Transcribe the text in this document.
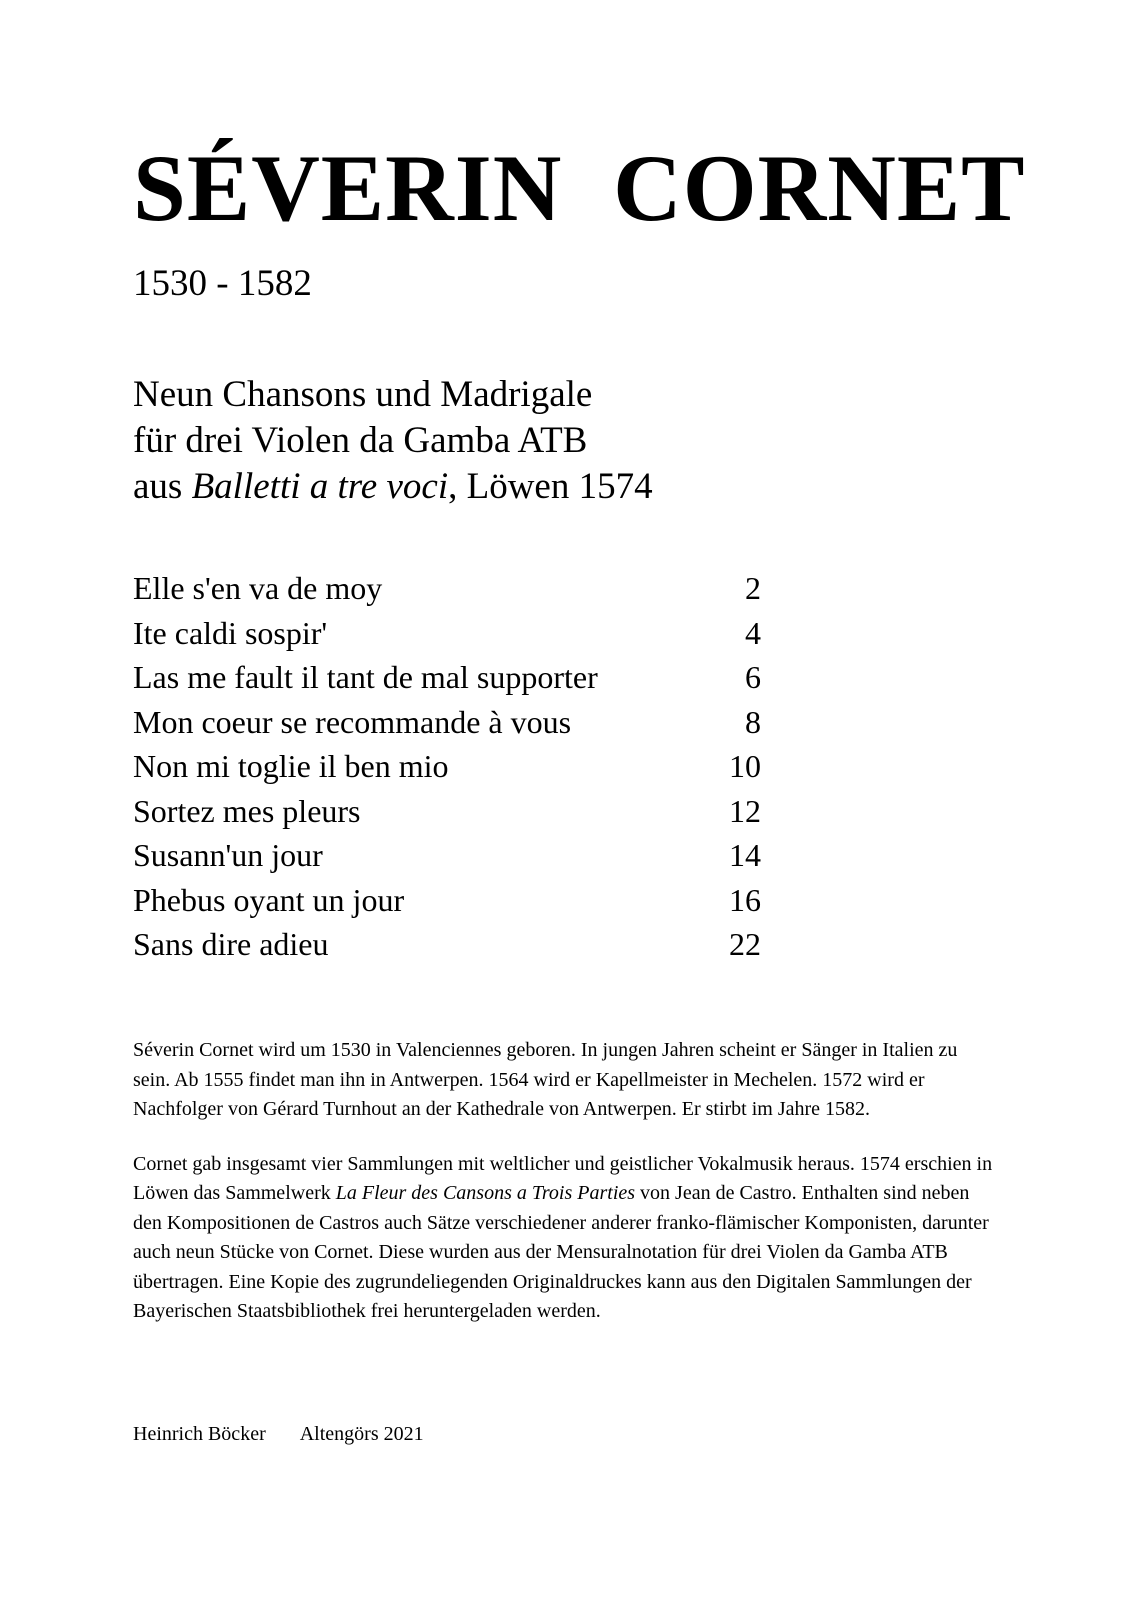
SÉVERIN CORNET
1530 - 1582
Neun Chansons und Madrigale
für drei Violen da Gamba ATB
aus Balletti a tre voci, Löwen 1574
Elle s'en va de moy	2
Ite caldi sospir'	4
Las me fault il tant de mal supporter	6
Mon coeur se recommande à vous	8
Non mi toglie il ben mio	10
Sortez mes pleurs	12
Susann'un jour	14
Phebus oyant un jour	16
Sans dire adieu	22

Séverin Cornet wird um 1530 in Valenciennes geboren. In jungen Jahren scheint er Sänger in Italien zu sein. Ab 1555 findet man ihn in Antwerpen. 1564 wird er Kapellmeister in Mechelen. 1572 wird er Nachfolger von Gérard Turnhout an der Kathedrale von Antwerpen. Er stirbt im Jahre 1582.

Cornet gab insgesamt vier Sammlungen mit weltlicher und geistlicher Vokalmusik heraus. 1574 erschien in Löwen das Sammelwerk La Fleur des Cansons a Trois Parties von Jean de Castro. Enthalten sind neben den Kompositionen de Castros auch Sätze verschiedener anderer franko-flämischer Komponisten, darunter auch neun Stücke von Cornet. Diese wurden aus der Mensuralnotation für drei Violen da Gamba ATB übertragen. Eine Kopie des zugrundeliegenden Originaldruckes kann aus den Digitalen Sammlungen der Bayerischen Staatsbibliothek frei heruntergeladen werden.

Heinrich Böcker Altengörs 2021
